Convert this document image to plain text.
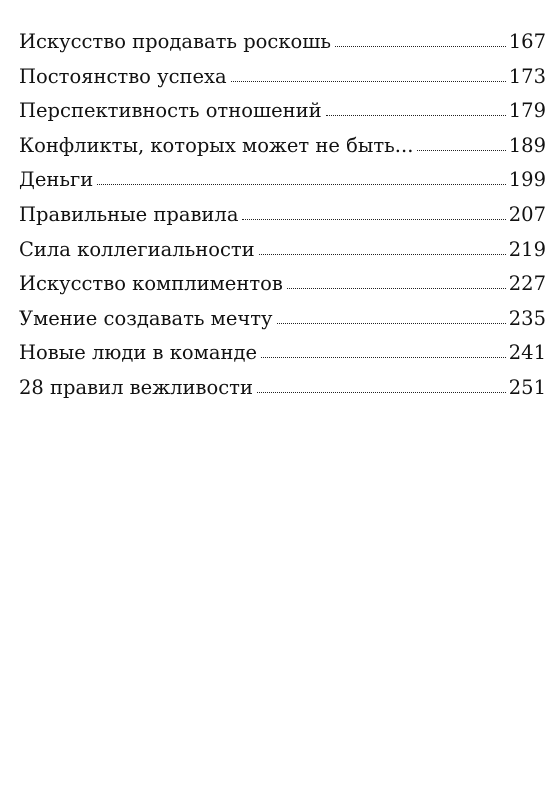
Искусство продавать роскошь	167
Постоянство успеха	173
Перспективность отношений	179
Конфликты, которых может не быть...	189
Деньги	199
Правильные правила	207
Сила коллегиальности	219
Искусство комплиментов	227
Умение создавать мечту	235
Новые люди в команде	241
28 правил вежливости	251
